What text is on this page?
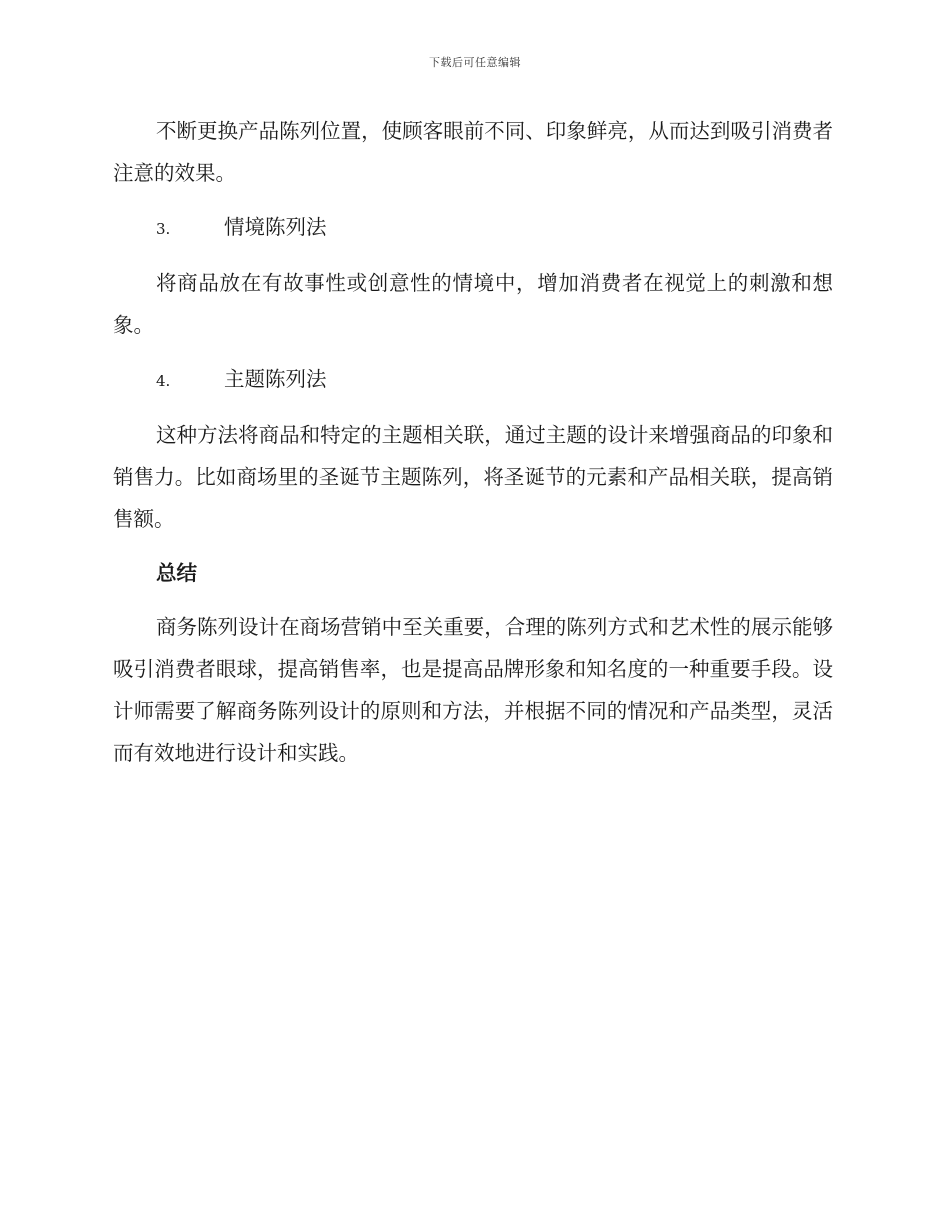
下载后可任意编辑

不断更换产品陈列位置，使顾客眼前不同、印象鲜亮，从而达到吸引消费者注意的效果。

3.	情境陈列法

将商品放在有故事性或创意性的情境中，增加消费者在视觉上的刺激和想象。

4.	主题陈列法

这种方法将商品和特定的主题相关联，通过主题的设计来增强商品的印象和销售力。比如商场里的圣诞节主题陈列，将圣诞节的元素和产品相关联，提高销售额。

总结

商务陈列设计在商场营销中至关重要，合理的陈列方式和艺术性的展示能够吸引消费者眼球，提高销售率，也是提高品牌形象和知名度的一种重要手段。设计师需要了解商务陈列设计的原则和方法，并根据不同的情况和产品类型，灵活而有效地进行设计和实践。
